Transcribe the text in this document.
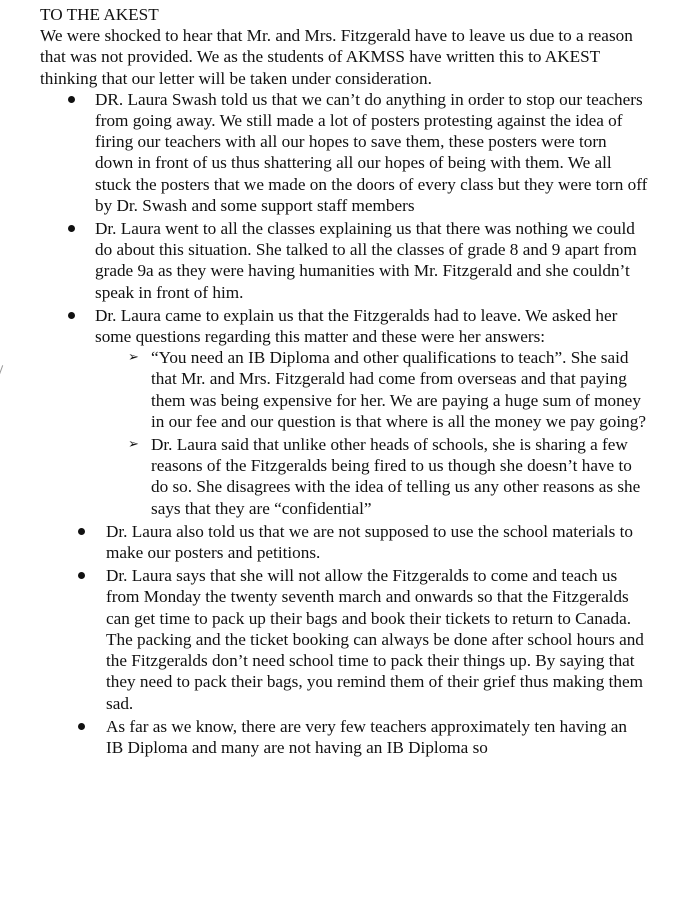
TO THE AKEST

We were shocked to hear that Mr. and Mrs. Fitzgerald have to leave us due to a reason that was not provided. We as the students of AKMSS have written this to AKEST thinking that our letter will be taken under consideration.

DR. Laura Swash told us that we can’t do anything in order to stop our teachers from going away. We still made a lot of posters protesting against the idea of firing our teachers with all our hopes to save them, these posters were torn down in front of us thus shattering all our hopes of being with them. We all stuck the posters that we made on the doors of every class but they were torn off by Dr. Swash and some support staff members
Dr. Laura went to all the classes explaining us that there was nothing we could do about this situation. She talked to all the classes of grade 8 and 9 apart from grade 9a as they were having humanities with Mr. Fitzgerald and she couldn’t speak in front of him.
Dr. Laura came to explain us that the Fitzgeralds had to leave. We asked her some questions regarding this matter and these were her answers:
➢ “You need an IB Diploma and other qualifications to teach”. She said that Mr. and Mrs. Fitzgerald had come from overseas and that paying them was being expensive for her. We are paying a huge sum of money in our fee and our question is that where is all the money we pay going?
➢ Dr. Laura said that unlike other heads of schools, she is sharing a few reasons of the Fitzgeralds being fired to us though she doesn’t have to do so. She disagrees with the idea of telling us any other reasons as she says that they are “confidential”
Dr. Laura also told us that we are not supposed to use the school materials to make our posters and petitions.
Dr. Laura says that she will not allow the Fitzgeralds to come and teach us from Monday the twenty seventh march and onwards so that the Fitzgeralds can get time to pack up their bags and book their tickets to return to Canada. The packing and the ticket booking can always be done after school hours and the Fitzgeralds don’t need school time to pack their things up. By saying that they need to pack their bags, you remind them of their grief thus making them sad.
As far as we know, there are very few teachers approximately ten having an IB Diploma and many are not having an IB Diploma so
